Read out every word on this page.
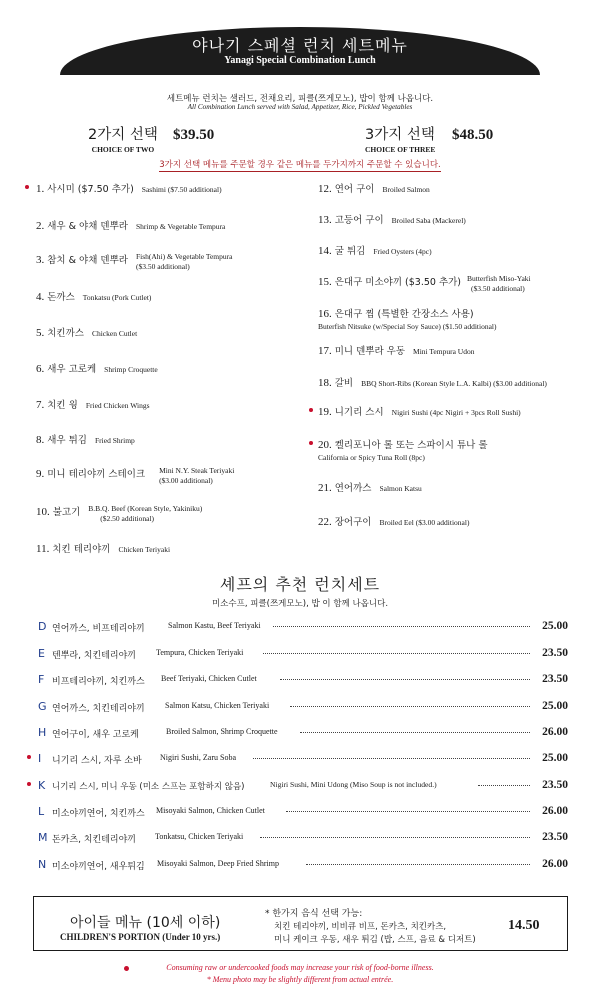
야나기 스페셜 런치 세트메뉴
Yanagi Special Combination Lunch
세트메뉴 런치는 샐러드, 전채요리, 피클(쯔게모노), 밥이 함께 나옵니다.
All Combination Lunch served with Salad, Appetizer, Rice, Pickled Vegetables
2가지 선택
CHOICE OF TWO
$39.50	3가지 선택
CHOICE OF THREE
$48.50
3가지 선택 메뉴를 주문할 경우 같은 메뉴를 두가지까지 주문할 수 있습니다.
1. 사시미 ($7.50 추가) Sashimi ($7.50 additional)
2. 새우 & 야채 덴뿌라 Shrimp & Vegetable Tempura
3. 참치 & 야채 덴뿌라 Fish(Ahi) & Vegetable Tempura
($3.50 additional)
4. 돈까스 Tonkatsu (Pork Cutlet)
5. 치킨까스 Chicken Cutlet
6. 새우 고로케 Shrimp Croquette
7. 치킨 윙 Fried Chicken Wings
8. 새우 튀김 Fried Shrimp
9. 미니 테리야끼 스테이크 Mini N.Y. Steak Teriyaki
($3.00 additional)
10. 불고기 B.B.Q. Beef (Korean Style, Yakiniku)
($2.50 additional)
11. 치킨 테리야끼 Chicken Teriyaki
12. 연어 구이 Broiled Salmon
13. 고등어 구이 Broiled Saba (Mackerel)
14. 굴 튀김 Fried Oysters (4pc)
15. 은대구 미소야끼 ($3.50 추가) Butterfish Miso-Yaki
($3.50 additional)
16. 은대구 찜 (특별한 간장소스 사용)
Buterfish Nitsuke (w/Special Soy Sauce) ($1.50 additional)
17. 미니 덴뿌라 우동 Mini Tempura Udon
18. 갈비 BBQ Short-Ribs (Korean Style L.A. Kalbi) ($3.00 additional)
19. 니기리 스시 Nigiri Sushi (4pc Nigiri + 3pcs Roll Sushi)
20. 켈리포니아 롤 또는 스파이시 튜나 롤
California or Spicy Tuna Roll (8pc)
21. 연어까스 Salmon Katsu
22. 장어구이 Broiled Eel ($3.00 additional)
셰프의 추천 런치세트
미소수프, 피클(쯔게모노), 밥 이 함께 나옵니다.
D 연어까스, 비프테리야끼	Salmon Kastu, Beef Teriyaki	25.00
E 텐뿌라, 치킨테리야끼	Tempura, Chicken Teriyaki	23.50
F 비프테리야끼, 치킨까스 Beef Teriyaki, Chicken Cutlet	23.50
G 연어까스, 치킨테리야끼	Salmon Katsu, Chicken Teriyaki	25.00
H 연어구이, 새우 고로케	Broiled Salmon, Shrimp Croquette	26.00
I 니기리 스시, 자루 소바 Nigiri Sushi, Zaru Soba	25.00
K 니기리 스시, 미니 우동 (미소 스프는 포함하지 않음)	Nigiri Sushi, Mini Udong (Miso Soup is not included.)	23.50
L 미소야끼연어, 치킨까스 Misoyaki Salmon, Chicken Cutlet	26.00
M 돈카츠, 치킨테리야끼 Tonkatsu, Chicken Teriyaki	23.50
N 미소야끼연어, 새우튀김 Misoyaki Salmon, Deep Fried Shrimp	26.00
아이들 메뉴 (10세 이하)
CHILDREN'S PORTION (Under 10 yrs.)
* 한가지 음식 선택 가능:
치킨 테리야끼, 비비큐 비프, 돈카츠, 치킨카츠,
미니 케이크 우동, 새우 튀김 (밥, 스프, 음료 & 디저트)
14.50
Consuming raw or undercooked foods may increase your risk of food-borne illness.
* Menu photo may be slightly different from actual entrée.
